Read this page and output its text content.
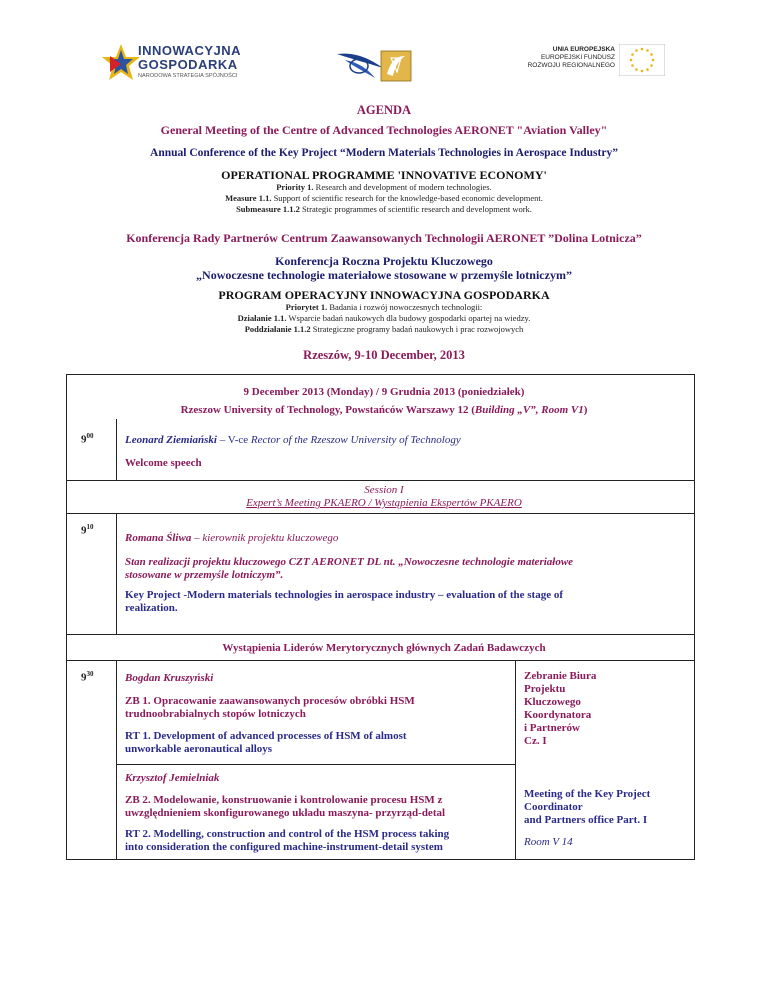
INNOWACYJNA
GOSPODARKA
NARODOWA STRATEGIA SPÓJNOŚCI
UNIA EUROPEJSKA
EUROPEJSKI FUNDUSZ
ROZWOJU REGIONALNEGO
AGENDA
General Meeting of the Centre of Advanced Technologies AERONET "Aviation Valley"
Annual Conference of the Key Project “Modern Materials Technologies in Aerospace Industry”
OPERATIONAL PROGRAMME 'INNOVATIVE ECONOMY'
Priority 1. Research and development of modern technologies.
Measure 1.1. Support of scientific research for the knowledge-based economic development.
Submeasure 1.1.2 Strategic programmes of scientific research and development work.
Konferencja Rady Partnerów Centrum Zaawansowanych Technologii AERONET ”Dolina Lotnicza”
Konferencja Roczna Projektu Kluczowego
„Nowoczesne technologie materiałowe stosowane w przemyśle lotniczym”
PROGRAM OPERACYJNY INNOWACYJNA GOSPODARKA
Priorytet 1. Badania i rozwój nowoczesnych technologii:
Działanie 1.1. Wsparcie badań naukowych dla budowy gospodarki opartej na wiedzy.
Poddziałanie 1.1.2 Strategiczne programy badań naukowych i prac rozwojowych
Rzeszów, 9-10 December, 2013
9 December 2013 (Monday) / 9 Grudnia 2013 (poniedziałek)
Rzeszow University of Technology, Powstańców Warszawy 12 (Building „V”, Room V1)
$9^{00}$	Leonard Ziemiański – V-ce Rector of the Rzeszow University of Technology
Welcome speech
Session I
Expert’s Meeting PKAERO / Wystąpienia Ekspertów PKAERO
$9^{10}$
Romana Śliwa – kierownik projektu kluczowego
Stan realizacji projektu kluczowego CZT AERONET DL nt. „Nowoczesne technologie materiałowe
stosowane w przemyśle lotniczym”.
Key Project -Modern materials technologies in aerospace industry – evaluation of the stage of
realization.
Wystąpienia Liderów Merytorycznych głównych Zadań Badawczych
$9^{30}$	Bogdan Kruszyński
ZB 1. Opracowanie zaawansowanych procesów obróbki HSM
trudnoobrabialnych stopów lotniczych
RT 1. Development of advanced processes of HSM of almost
unworkable aeronautical alloys
Krzysztof Jemielniak
ZB 2. Modelowanie, konstruowanie i kontrolowanie procesu HSM z
uwzględnieniem skonfigurowanego układu maszyna- przyrząd-detal
RT 2. Modelling, construction and control of the HSM process taking
into consideration the configured machine-instrument-detail system
Zebranie Biura
Projektu
Kluczowego
Koordynatora
i Partnerów
Cz. I
Meeting of the Key Project
Coordinator
and Partners office Part. I
Room V 14
